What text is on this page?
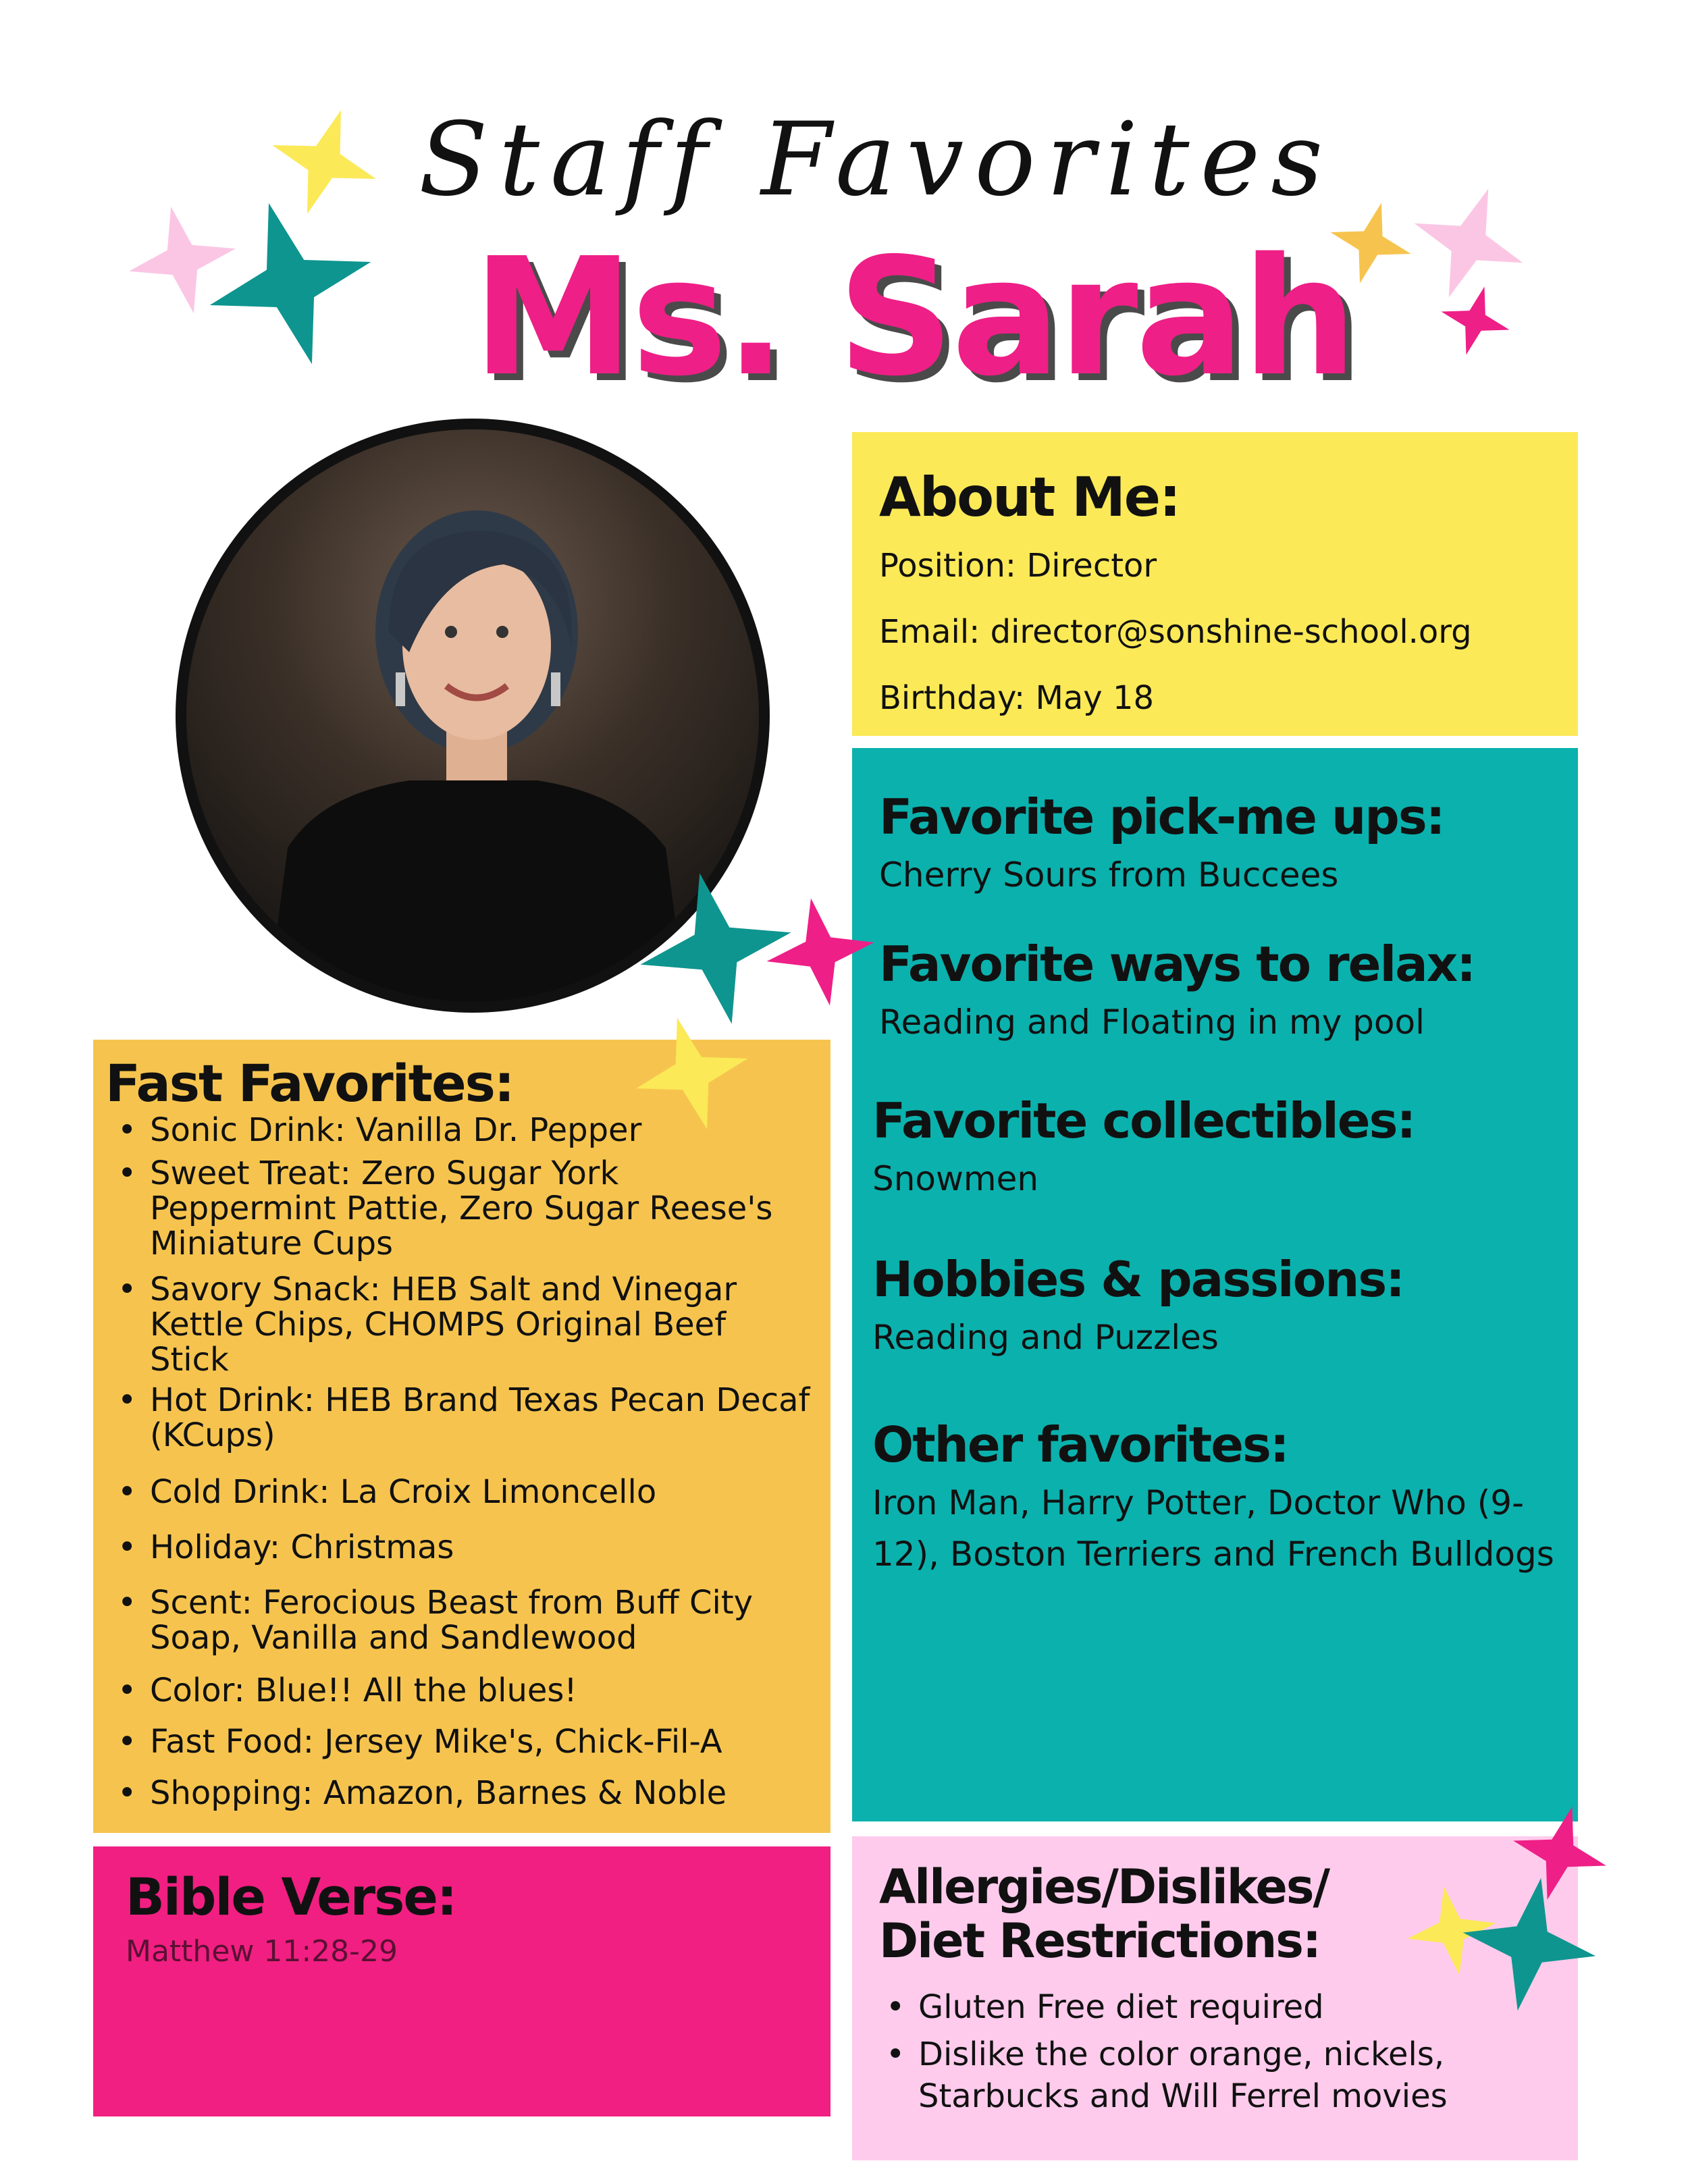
Staff Favorites
Ms. Sarah
About Me:
Position: Director
Email: director@sonshine-school.org
Birthday: May 18
Favorite pick-me ups:
Cherry Sours from Buccees
Favorite ways to relax:
Reading and Floating in my pool
Favorite collectibles:
Snowmen
Hobbies & passions:
Reading and Puzzles
Other favorites:
Iron Man, Harry Potter, Doctor Who (9-12), Boston Terriers and French Bulldogs
Fast Favorites:
• Sonic Drink: Vanilla Dr. Pepper
• Sweet Treat: Zero Sugar York Peppermint Pattie, Zero Sugar Reese's Miniature Cups
• Savory Snack: HEB Salt and Vinegar Kettle Chips, CHOMPS Original Beef Stick
• Hot Drink: HEB Brand Texas Pecan Decaf (KCups)
• Cold Drink: La Croix Limoncello
• Holiday: Christmas
• Scent: Ferocious Beast from Buff City Soap, Vanilla and Sandlewood
• Color: Blue!! All the blues!
• Fast Food: Jersey Mike's, Chick-Fil-A
• Shopping: Amazon, Barnes & Noble
Bible Verse:
Matthew 11:28-29
Allergies/Dislikes/
Diet Restrictions:
• Gluten Free diet required
• Dislike the color orange, nickels, Starbucks and Will Ferrel movies
